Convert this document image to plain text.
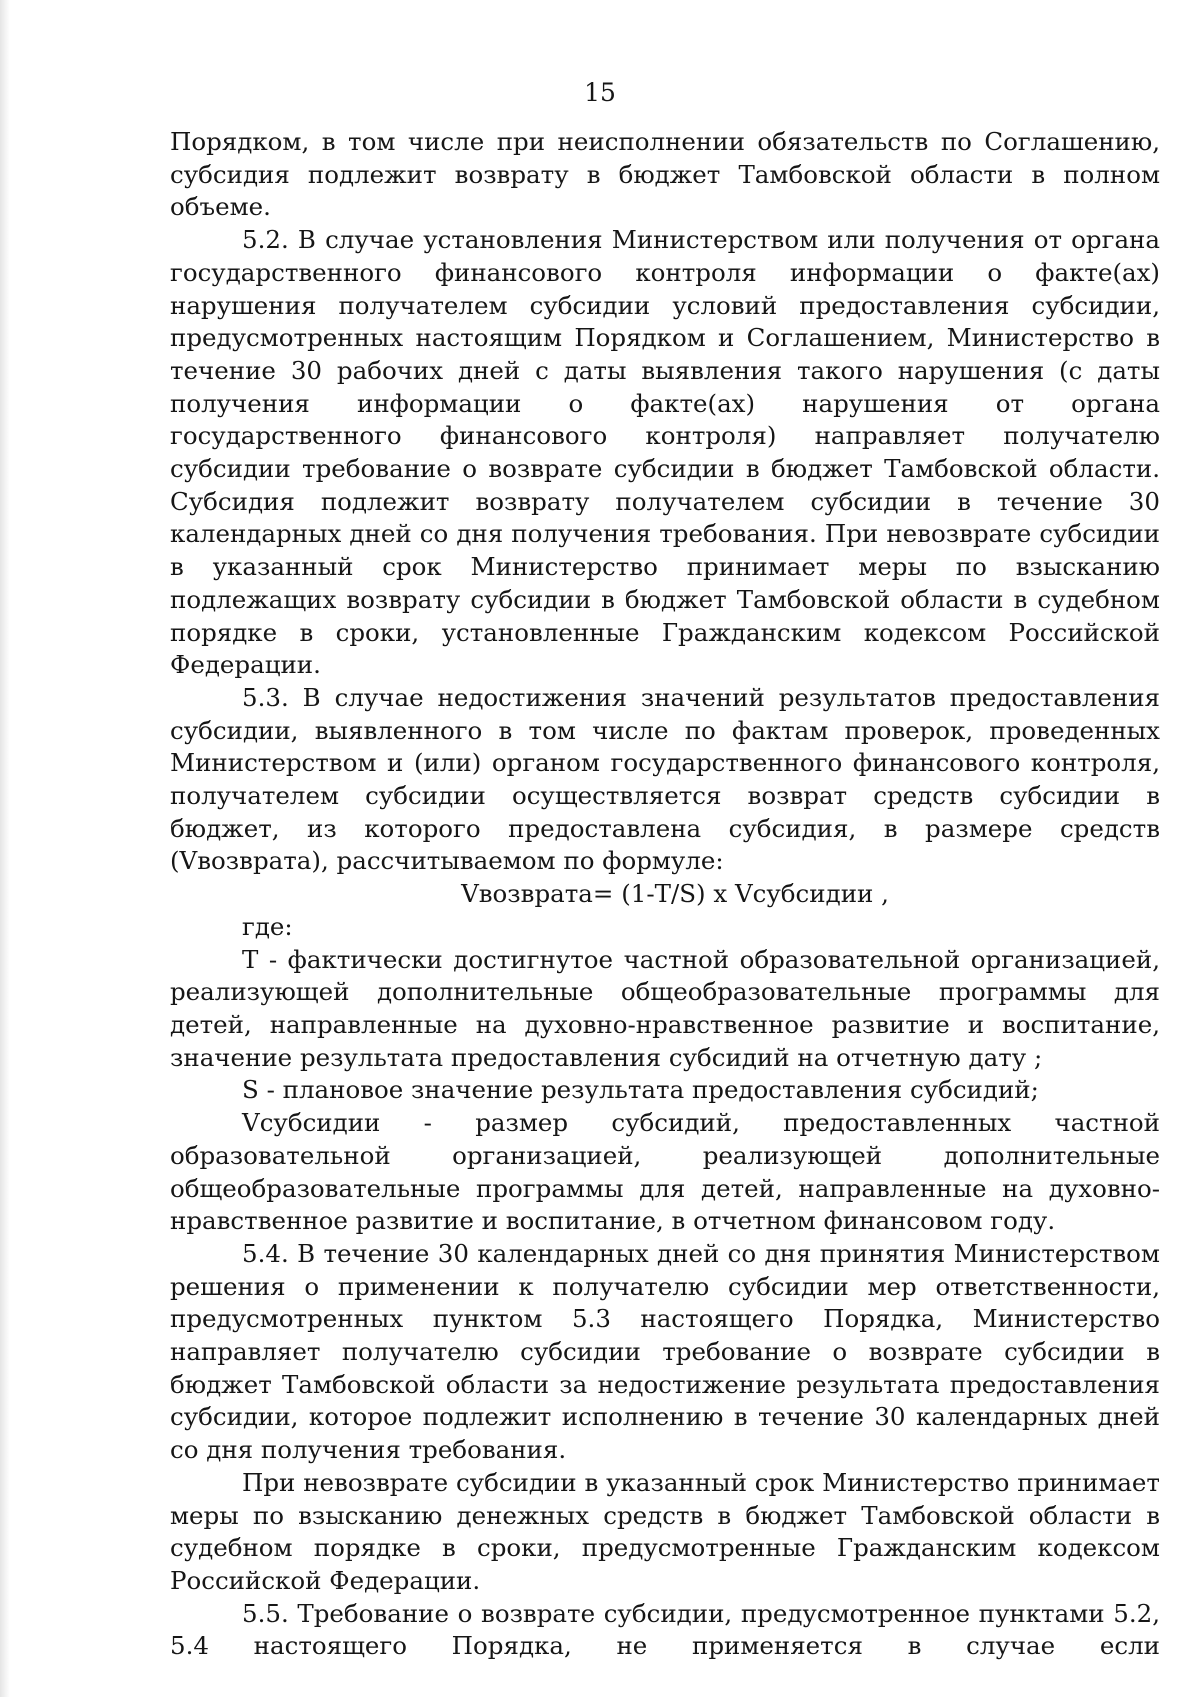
15

Порядком, в том числе при неисполнении обязательств по Соглашению, субсидия подлежит возврату в бюджет Тамбовской области в полном объеме.

5.2. В случае установления Министерством или получения от органа государственного финансового контроля информации о факте(ах) нарушения получателем субсидии условий предоставления субсидии, предусмотренных настоящим Порядком и Соглашением, Министерство в течение 30 рабочих дней с даты выявления такого нарушения (с даты получения информации о факте(ах) нарушения от органа государственного финансового контроля) направляет получателю субсидии требование о возврате субсидии в бюджет Тамбовской области. Субсидия подлежит возврату получателем субсидии в течение 30 календарных дней со дня получения требования. При невозврате субсидии в указанный срок Министерство принимает меры по взысканию подлежащих возврату субсидии в бюджет Тамбовской области в судебном порядке в сроки, установленные Гражданским кодексом Российской Федерации.

5.3. В случае недостижения значений результатов предоставления субсидии, выявленного в том числе по фактам проверок, проведенных Министерством и (или) органом государственного финансового контроля, получателем субсидии осуществляется возврат средств субсидии в бюджет, из которого предоставлена субсидия, в размере средств (Vвозврата), рассчитываемом по формуле:

Vвозврата= (1-T/S) х Vсубсидии ,

где:

Т - фактически достигнутое частной образовательной организацией, реализующей дополнительные общеобразовательные программы для детей, направленные на духовно-нравственное развитие и воспитание, значение результата предоставления субсидий на отчетную дату ;

S - плановое значение результата предоставления субсидий;

Vсубсидии - размер субсидий, предоставленных частной образовательной организацией, реализующей дополнительные общеобразовательные программы для детей, направленные на духовно-нравственное развитие и воспитание, в отчетном финансовом году.

5.4. В течение 30 календарных дней со дня принятия Министерством решения о применении к получателю субсидии мер ответственности, предусмотренных пунктом 5.3 настоящего Порядка, Министерство направляет получателю субсидии требование о возврате субсидии в бюджет Тамбовской области за недостижение результата предоставления субсидии, которое подлежит исполнению в течение 30 календарных дней со дня получения требования.

При невозврате субсидии в указанный срок Министерство принимает меры по взысканию денежных средств в бюджет Тамбовской области в судебном порядке в сроки, предусмотренные Гражданским кодексом Российской Федерации.

5.5. Требование о возврате субсидии, предусмотренное пунктами 5.2, 5.4 настоящего Порядка, не применяется в случае если
